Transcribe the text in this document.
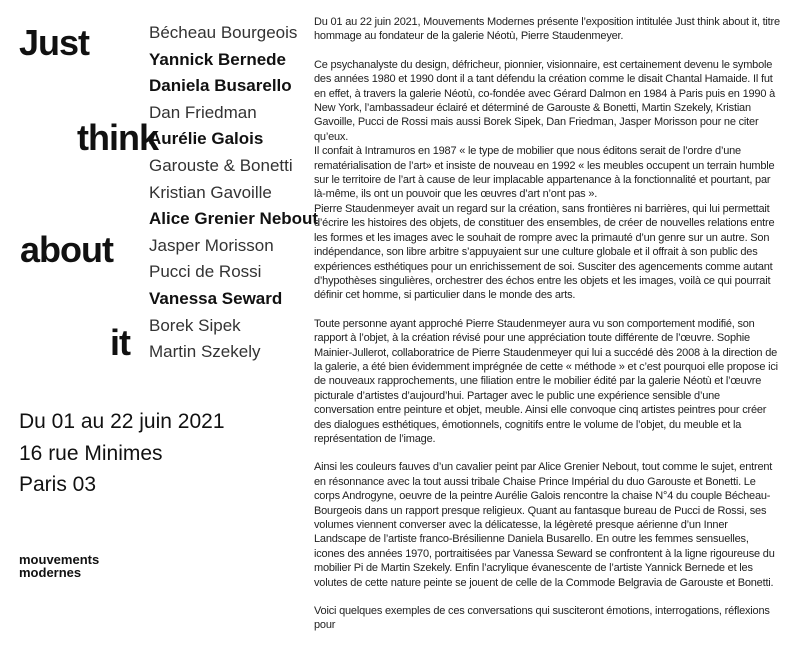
Just
think
about
it
Bécheau Bourgeois
Yannick Bernede
Daniela Busarello
Dan Friedman
Aurélie Galois
Garouste & Bonetti
Kristian Gavoille
Alice Grenier Nebout
Jasper Morisson
Pucci de Rossi
Vanessa Seward
Borek Sipek
Martin Szekely
Du 01 au 22 juin 2021
16 rue Minimes
Paris 03
mouvements
modernes

Du 01 au 22 juin 2021, Mouvements Modernes présente l’exposition intitulée Just think about it, titre hommage au fondateur de la galerie Néotù, Pierre Staudenmeyer.

Ce psychanalyste du design, défricheur, pionnier, visionnaire, est certainement devenu le symbole des années 1980 et 1990 dont il a tant défendu la création comme le disait Chantal Hamaide. Il fut en effet, à travers la galerie Néotù, co-fondée avec Gérard Dalmon en 1984 à Paris puis en 1990 à New York, l’ambassadeur éclairé et déterminé de Garouste & Bonetti, Martin Szekely, Kristian Gavoille, Pucci de Rossi mais aussi Borek Sipek, Dan Friedman, Jasper Morisson pour ne citer qu’eux.

Il confait à Intramuros en 1987 « le type de mobilier que nous éditons serait de l’ordre d’une rematérialisation de l’art» et insiste de nouveau en 1992 « les meubles occupent un terrain humble sur le territoire de l’art à cause de leur implacable appartenance à la fonctionnalité et pourtant, par là-même, ils ont un pouvoir que les œuvres d’art n’ont pas ».

Pierre Staudenmeyer avait un regard sur la création, sans frontières ni barrières, qui lui permettait d’écrire les histoires des objets, de constituer des ensembles, de créer de nouvelles relations entre les formes et les images avec le souhait de rompre avec la primauté d’un genre sur un autre. Son indépendance, son libre arbitre s’appuyaient sur une culture globale et il offrait à son public des expériences esthétiques pour un enrichissement de soi. Susciter des agencements comme autant d’hypothèses singulières, orchestrer des échos entre les objets et les images, voilà ce qui pourrait définir cet homme, si particulier dans le monde des arts.

Toute personne ayant approché Pierre Staudenmeyer aura vu son comportement modifié, son rapport à l’objet, à la création révisé pour une appréciation toute différente de l’œuvre. Sophie Mainier-Jullerot, collaboratrice de Pierre Staudenmeyer qui lui a succédé dès 2008 à la direction de la galerie, a été bien évidemment imprégnée de cette « méthode » et c’est pourquoi elle propose ici de nouveaux rapprochements, une filiation entre le mobilier édité par la galerie Néotù et l’œuvre picturale d’artistes d’aujourd’hui. Partager avec le public une expérience sensible d’une conversation entre peinture et objet, meuble. Ainsi elle convoque cinq artistes peintres pour créer des dialogues esthétiques, émotionnels, cognitifs entre le volume de l’objet, du meuble et la représentation de l’image.

Ainsi les couleurs fauves d’un cavalier peint par Alice Grenier Nebout, tout comme le sujet, entrent en résonnance avec la tout aussi tribale Chaise Prince Impérial du duo Garouste et Bonetti. Le corps Androgyne, oeuvre de la peintre Aurélie Galois rencontre la chaise N°4 du couple Bécheau-Bourgeois dans un rapport presque religieux. Quant au fantasque bureau de Pucci de Rossi, ses volumes viennent converser avec la délicatesse, la légèreté presque aérienne d’un Inner Landscape de l’artiste franco-Brésilienne Daniela Busarello. En outre les femmes sensuelles, icones des années 1970, portraitisées par Vanessa Seward se confrontent à la ligne rigoureuse du mobilier Pi de Martin Szekely. Enfin l’acrylique évanescente de l’artiste Yannick Bernede et les volutes de cette nature peinte se jouent de celle de la Commode Belgravia de Garouste et Bonetti.

Voici quelques exemples de ces conversations qui susciteront émotions, interrogations, réflexions pour
